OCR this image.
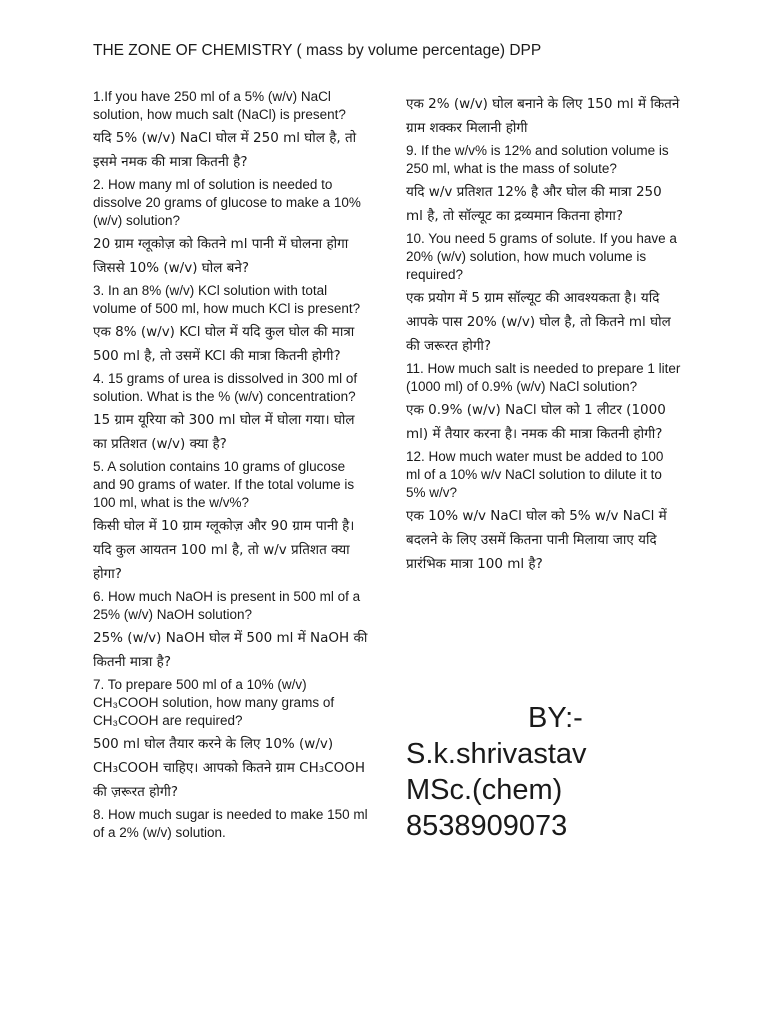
THE ZONE OF CHEMISTRY ( mass by volume percentage) DPP

1.If you have 250 ml of a 5% (w/v) NaCl solution, how much salt (NaCl) is present?

यदि 5% (w/v) NaCl घोल में 250 ml घोल है, तो इसमे नमक की मात्रा कितनी है?

2. How many ml of solution is needed to dissolve 20 grams of glucose to make a 10% (w/v) solution?

20 ग्राम ग्लूकोज़ को कितने ml पानी में घोलना होगा जिससे 10% (w/v) घोल बने?

3. In an 8% (w/v) KCl solution with total volume of 500 ml, how much KCl is present?

एक 8% (w/v) KCl घोल में यदि कुल घोल की मात्रा 500 ml है, तो उसमें KCl की मात्रा कितनी होगी?

4. 15 grams of urea is dissolved in 300 ml of solution. What is the % (w/v) concentration?

15 ग्राम यूरिया को 300 ml घोल में घोला गया। घोल का प्रतिशत (w/v) क्या है?

5. A solution contains 10 grams of glucose and 90 grams of water. If the total volume is 100 ml, what is the w/v%?

किसी घोल में 10 ग्राम ग्लूकोज़ और 90 ग्राम पानी है। यदि कुल आयतन 100 ml है, तो w/v प्रतिशत क्या होगा?

6. How much NaOH is present in 500 ml of a 25% (w/v) NaOH solution?

25% (w/v) NaOH घोल में 500 ml में NaOH की कितनी मात्रा है?

7. To prepare 500 ml of a 10% (w/v) CH₃COOH solution, how many grams of CH₃COOH are required?

500 ml घोल तैयार करने के लिए 10% (w/v) CH₃COOH चाहिए। आपको कितने ग्राम CH₃COOH की ज़रूरत होगी?

8. How much sugar is needed to make 150 ml of a 2% (w/v) solution.

एक 2% (w/v) घोल बनाने के लिए 150 ml में कितने ग्राम शक्कर मिलानी होगी

9. If the w/v% is 12% and solution volume is 250 ml, what is the mass of solute?

यदि w/v प्रतिशत 12% है और घोल की मात्रा 250 ml है, तो सॉल्यूट का द्रव्यमान कितना होगा?

10. You need 5 grams of solute. If you have a 20% (w/v) solution, how much volume is required?

एक प्रयोग में 5 ग्राम सॉल्यूट की आवश्यकता है। यदि आपके पास 20% (w/v) घोल है, तो कितने ml घोल की जरूरत होगी?

11. How much salt is needed to prepare 1 liter (1000 ml) of 0.9% (w/v) NaCl solution?

एक 0.9% (w/v) NaCl घोल को 1 लीटर (1000 ml) में तैयार करना है। नमक की मात्रा कितनी होगी?

12. How much water must be added to 100 ml of a 10% w/v NaCl solution to dilute it to 5% w/v?

एक 10% w/v NaCl घोल को 5% w/v NaCl में बदलने के लिए उसमें कितना पानी मिलाया जाए यदि प्रारंभिक मात्रा 100 ml है?

BY:-
S.k.shrivastav
MSc.(chem)
8538909073
